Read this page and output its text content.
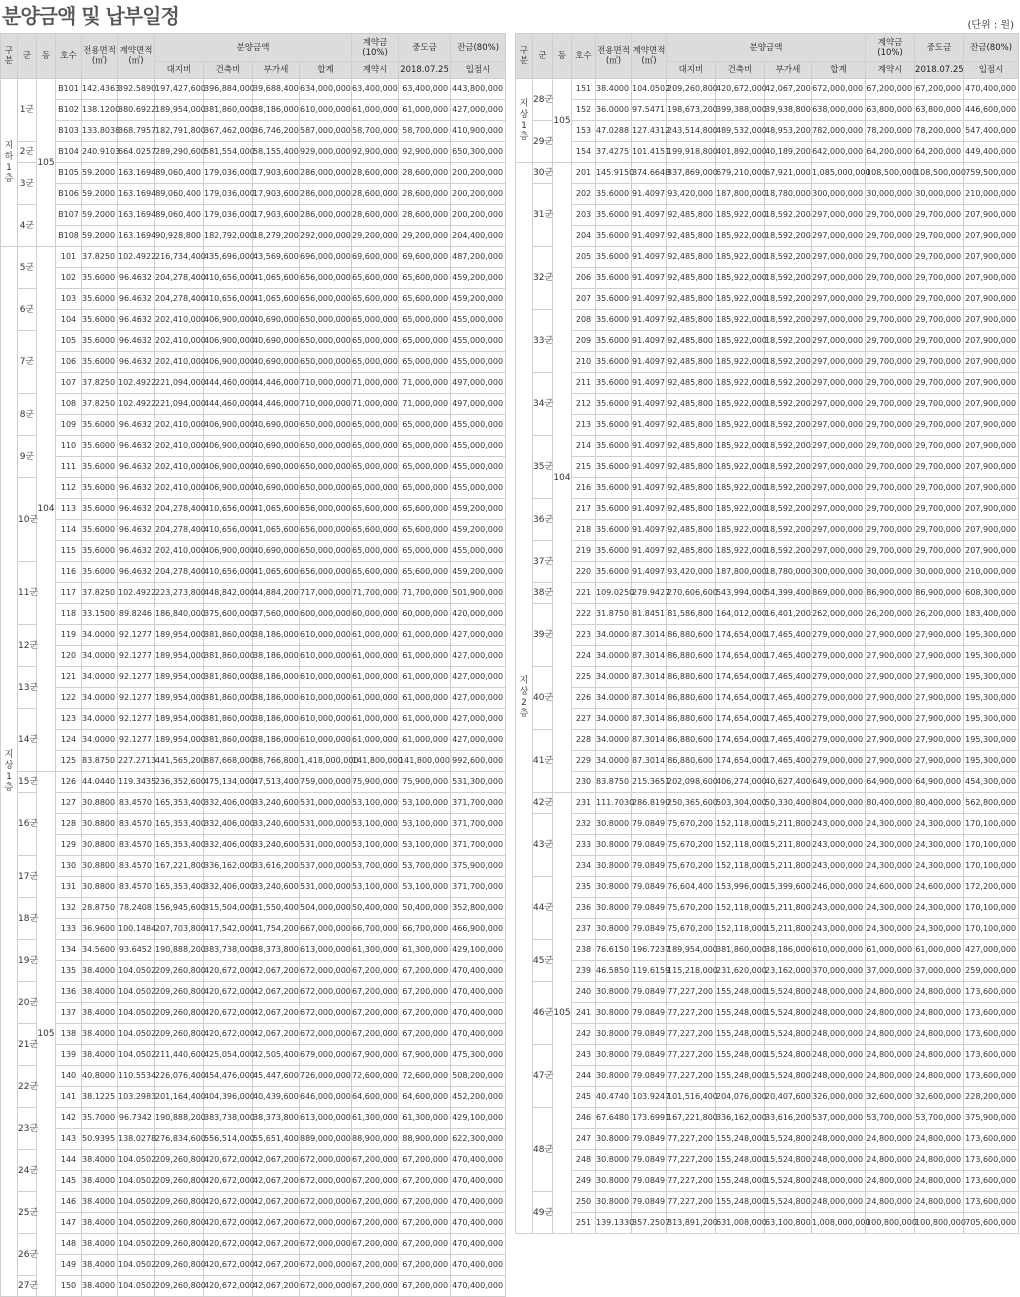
분양금액 및 납부일정	(단위 : 원)
구분	군	동	호수	전용면적
(㎡)	계약면적
(㎡)	분양금액				계약금
(10%)	중도금	잔금(80%)
						대지비	건축비	부가세	합계	계약시	2018.07.25	입점시
지하1층	1군	105	B101	142.4363	392.5890	197,427,600	396,884,000	39,688,400	634,000,000	63,400,000	63,400,000	443,800,000
			B102	138.1200	380.6922	189,954,000	381,860,000	38,186,000	610,000,000	61,000,000	61,000,000	427,000,000
			B103	133.8038	368.7957	182,791,800	367,462,000	36,746,200	587,000,000	58,700,000	58,700,000	410,900,000
	2군		B104	240.9103	664.0257	289,290,600	581,554,000	58,155,400	929,000,000	92,900,000	92,900,000	650,300,000
	3군		B105	59.2000	163.1694	89,060,400	179,036,000	17,903,600	286,000,000	28,600,000	28,600,000	200,200,000
			B106	59.2000	163.1694	89,060,400	179,036,000	17,903,600	286,000,000	28,600,000	28,600,000	200,200,000
	4군		B107	59.2000	163.1694	89,060,400	179,036,000	17,903,600	286,000,000	28,600,000	28,600,000	200,200,000
			B108	59.2000	163.1694	90,928,800	182,792,000	18,279,200	292,000,000	29,200,000	29,200,000	204,400,000
지상1층	5군	104	101	37.8250	102.4922	216,734,400	435,696,000	43,569,600	696,000,000	69,600,000	69,600,000	487,200,000
			102	35.6000	96.4632	204,278,400	410,656,000	41,065,600	656,000,000	65,600,000	65,600,000	459,200,000
	6군		103	35.6000	96.4632	204,278,400	410,656,000	41,065,600	656,000,000	65,600,000	65,600,000	459,200,000
			104	35.6000	96.4632	202,410,000	406,900,000	40,690,000	650,000,000	65,000,000	65,000,000	455,000,000
	7군		105	35.6000	96.4632	202,410,000	406,900,000	40,690,000	650,000,000	65,000,000	65,000,000	455,000,000
			106	35.6000	96.4632	202,410,000	406,900,000	40,690,000	650,000,000	65,000,000	65,000,000	455,000,000
			107	37.8250	102.4922	221,094,000	444,460,000	44,446,000	710,000,000	71,000,000	71,000,000	497,000,000
	8군		108	37.8250	102.4922	221,094,000	444,460,000	44,446,000	710,000,000	71,000,000	71,000,000	497,000,000
			109	35.6000	96.4632	202,410,000	406,900,000	40,690,000	650,000,000	65,000,000	65,000,000	455,000,000
	9군		110	35.6000	96.4632	202,410,000	406,900,000	40,690,000	650,000,000	65,000,000	65,000,000	455,000,000
			111	35.6000	96.4632	202,410,000	406,900,000	40,690,000	650,000,000	65,000,000	65,000,000	455,000,000
	10군		112	35.6000	96.4632	202,410,000	406,900,000	40,690,000	650,000,000	65,000,000	65,000,000	455,000,000
			113	35.6000	96.4632	204,278,400	410,656,000	41,065,600	656,000,000	65,600,000	65,600,000	459,200,000
			114	35.6000	96.4632	204,278,400	410,656,000	41,065,600	656,000,000	65,600,000	65,600,000	459,200,000
			115	35.6000	96.4632	202,410,000	406,900,000	40,690,000	650,000,000	65,000,000	65,000,000	455,000,000
	11군		116	35.6000	96.4632	204,278,400	410,656,000	41,065,600	656,000,000	65,600,000	65,600,000	459,200,000
			117	37.8250	102.4922	223,273,800	448,842,000	44,884,200	717,000,000	71,700,000	71,700,000	501,900,000
			118	33.1500	89.8246	186,840,000	375,600,000	37,560,000	600,000,000	60,000,000	60,000,000	420,000,000
	12군		119	34.0000	92.1277	189,954,000	381,860,000	38,186,000	610,000,000	61,000,000	61,000,000	427,000,000
			120	34.0000	92.1277	189,954,000	381,860,000	38,186,000	610,000,000	61,000,000	61,000,000	427,000,000
	13군		121	34.0000	92.1277	189,954,000	381,860,000	38,186,000	610,000,000	61,000,000	61,000,000	427,000,000
			122	34.0000	92.1277	189,954,000	381,860,000	38,186,000	610,000,000	61,000,000	61,000,000	427,000,000
	14군		123	34.0000	92.1277	189,954,000	381,860,000	38,186,000	610,000,000	61,000,000	61,000,000	427,000,000
			124	34.0000	92.1277	189,954,000	381,860,000	38,186,000	610,000,000	61,000,000	61,000,000	427,000,000
			125	83.8750	227.2713	441,565,200	887,668,000	88,766,800	1,418,000,000	141,800,000	141,800,000	992,600,000
	15군	105	126	44.0440	119.3435	236,352,600	475,134,000	47,513,400	759,000,000	75,900,000	75,900,000	531,300,000
	16군		127	30.8800	83.4570	165,353,400	332,406,000	33,240,600	531,000,000	53,100,000	53,100,000	371,700,000
			128	30.8800	83.4570	165,353,400	332,406,000	33,240,600	531,000,000	53,100,000	53,100,000	371,700,000
			129	30.8800	83.4570	165,353,400	332,406,000	33,240,600	531,000,000	53,100,000	53,100,000	371,700,000
	17군		130	30.8800	83.4570	167,221,800	336,162,000	33,616,200	537,000,000	53,700,000	53,700,000	375,900,000
			131	30.8800	83.4570	165,353,400	332,406,000	33,240,600	531,000,000	53,100,000	53,100,000	371,700,000
	18군		132	28.8750	78.2408	156,945,600	315,504,000	31,550,400	504,000,000	50,400,000	50,400,000	352,800,000
			133	36.9600	100.1484	207,703,800	417,542,000	41,754,200	667,000,000	66,700,000	66,700,000	466,900,000
	19군		134	34.5600	93.6452	190,888,200	383,738,000	38,373,800	613,000,000	61,300,000	61,300,000	429,100,000
			135	38.4000	104.0502	209,260,800	420,672,000	42,067,200	672,000,000	67,200,000	67,200,000	470,400,000
	20군		136	38.4000	104.0502	209,260,800	420,672,000	42,067,200	672,000,000	67,200,000	67,200,000	470,400,000
			137	38.4000	104.0502	209,260,800	420,672,000	42,067,200	672,000,000	67,200,000	67,200,000	470,400,000
	21군		138	38.4000	104.0502	209,260,800	420,672,000	42,067,200	672,000,000	67,200,000	67,200,000	470,400,000
			139	38.4000	104.0502	211,440,600	425,054,000	42,505,400	679,000,000	67,900,000	67,900,000	475,300,000
	22군		140	40.8000	110.5534	226,076,400	454,476,000	45,447,600	726,000,000	72,600,000	72,600,000	508,200,000
			141	38.1225	103.2983	201,164,400	404,396,000	40,439,600	646,000,000	64,600,000	64,600,000	452,200,000
	23군		142	35.7000	96.7342	190,888,200	383,738,000	38,373,800	613,000,000	61,300,000	61,300,000	429,100,000
			143	50.9395	138.0278	276,834,600	556,514,000	55,651,400	889,000,000	88,900,000	88,900,000	622,300,000
	24군		144	38.4000	104.0502	209,260,800	420,672,000	42,067,200	672,000,000	67,200,000	67,200,000	470,400,000
			145	38.4000	104.0502	209,260,800	420,672,000	42,067,200	672,000,000	67,200,000	67,200,000	470,400,000
	25군		146	38.4000	104.0502	209,260,800	420,672,000	42,067,200	672,000,000	67,200,000	67,200,000	470,400,000
			147	38.4000	104.0502	209,260,800	420,672,000	42,067,200	672,000,000	67,200,000	67,200,000	470,400,000
	26군		148	38.4000	104.0502	209,260,800	420,672,000	42,067,200	672,000,000	67,200,000	67,200,000	470,400,000
			149	38.4000	104.0502	209,260,800	420,672,000	42,067,200	672,000,000	67,200,000	67,200,000	470,400,000
	27군		150	38.4000	104.0502	209,260,800	420,672,000	42,067,200	672,000,000	67,200,000	67,200,000	470,400,000
구분	군	동	호수	전용면적
(㎡)	계약면적
(㎡)	분양금액				계약금
(10%)	중도금	잔금(80%)
						대지비	건축비	부가세	합계	계약시	2018.07.25	입점시
지상1층	28군	105	151	38.4000	104.0502	209,260,800	420,672,000	42,067,200	672,000,000	67,200,000	67,200,000	470,400,000
			152	36.0000	97.5471	198,673,200	399,388,000	39,938,800	638,000,000	63,800,000	63,800,000	446,600,000
	29군		153	47.0288	127.4312	243,514,800	489,532,000	48,953,200	782,000,000	78,200,000	78,200,000	547,400,000
			154	37.4275	101.4151	199,918,800	401,892,000	40,189,200	642,000,000	64,200,000	64,200,000	449,400,000
지상2층	30군	104	201	145.9150	374.6648	337,869,000	679,210,000	67,921,000	1,085,000,000	108,500,000	108,500,000	759,500,000
	31군		202	35.6000	91.4097	93,420,000	187,800,000	18,780,000	300,000,000	30,000,000	30,000,000	210,000,000
			203	35.6000	91.4097	92,485,800	185,922,000	18,592,200	297,000,000	29,700,000	29,700,000	207,900,000
			204	35.6000	91.4097	92,485,800	185,922,000	18,592,200	297,000,000	29,700,000	29,700,000	207,900,000
	32군		205	35.6000	91.4097	92,485,800	185,922,000	18,592,200	297,000,000	29,700,000	29,700,000	207,900,000
			206	35.6000	91.4097	92,485,800	185,922,000	18,592,200	297,000,000	29,700,000	29,700,000	207,900,000
			207	35.6000	91.4097	92,485,800	185,922,000	18,592,200	297,000,000	29,700,000	29,700,000	207,900,000
	33군		208	35.6000	91.4097	92,485,800	185,922,000	18,592,200	297,000,000	29,700,000	29,700,000	207,900,000
			209	35.6000	91.4097	92,485,800	185,922,000	18,592,200	297,000,000	29,700,000	29,700,000	207,900,000
			210	35.6000	91.4097	92,485,800	185,922,000	18,592,200	297,000,000	29,700,000	29,700,000	207,900,000
	34군		211	35.6000	91.4097	92,485,800	185,922,000	18,592,200	297,000,000	29,700,000	29,700,000	207,900,000
			212	35.6000	91.4097	92,485,800	185,922,000	18,592,200	297,000,000	29,700,000	29,700,000	207,900,000
			213	35.6000	91.4097	92,485,800	185,922,000	18,592,200	297,000,000	29,700,000	29,700,000	207,900,000
	35군		214	35.6000	91.4097	92,485,800	185,922,000	18,592,200	297,000,000	29,700,000	29,700,000	207,900,000
			215	35.6000	91.4097	92,485,800	185,922,000	18,592,200	297,000,000	29,700,000	29,700,000	207,900,000
			216	35.6000	91.4097	92,485,800	185,922,000	18,592,200	297,000,000	29,700,000	29,700,000	207,900,000
	36군		217	35.6000	91.4097	92,485,800	185,922,000	18,592,200	297,000,000	29,700,000	29,700,000	207,900,000
			218	35.6000	91.4097	92,485,800	185,922,000	18,592,200	297,000,000	29,700,000	29,700,000	207,900,000
	37군		219	35.6000	91.4097	92,485,800	185,922,000	18,592,200	297,000,000	29,700,000	29,700,000	207,900,000
			220	35.6000	91.4097	93,420,000	187,800,000	18,780,000	300,000,000	30,000,000	30,000,000	210,000,000
	38군		221	109.0250	279.9427	270,606,600	543,994,000	54,399,400	869,000,000	86,900,000	86,900,000	608,300,000
	39군		222	31.8750	81.8451	81,586,800	164,012,000	16,401,200	262,000,000	26,200,000	26,200,000	183,400,000
			223	34.0000	87.3014	86,880,600	174,654,000	17,465,400	279,000,000	27,900,000	27,900,000	195,300,000
			224	34.0000	87.3014	86,880,600	174,654,000	17,465,400	279,000,000	27,900,000	27,900,000	195,300,000
	40군		225	34.0000	87.3014	86,880,600	174,654,000	17,465,400	279,000,000	27,900,000	27,900,000	195,300,000
			226	34.0000	87.3014	86,880,600	174,654,000	17,465,400	279,000,000	27,900,000	27,900,000	195,300,000
			227	34.0000	87.3014	86,880,600	174,654,000	17,465,400	279,000,000	27,900,000	27,900,000	195,300,000
	41군		228	34.0000	87.3014	86,880,600	174,654,000	17,465,400	279,000,000	27,900,000	27,900,000	195,300,000
			229	34.0000	87.3014	86,880,600	174,654,000	17,465,400	279,000,000	27,900,000	27,900,000	195,300,000
			230	83.8750	215.3651	202,098,600	406,274,000	40,627,400	649,000,000	64,900,000	64,900,000	454,300,000
	42군	105	231	111.7030	286.8190	250,365,600	503,304,000	50,330,400	804,000,000	80,400,000	80,400,000	562,800,000
	43군		232	30.8000	79.0849	75,670,200	152,118,000	15,211,800	243,000,000	24,300,000	24,300,000	170,100,000
			233	30.8000	79.0849	75,670,200	152,118,000	15,211,800	243,000,000	24,300,000	24,300,000	170,100,000
			234	30.8000	79.0849	75,670,200	152,118,000	15,211,800	243,000,000	24,300,000	24,300,000	170,100,000
	44군		235	30.8000	79.0849	76,604,400	153,996,000	15,399,600	246,000,000	24,600,000	24,600,000	172,200,000
			236	30.8000	79.0849	75,670,200	152,118,000	15,211,800	243,000,000	24,300,000	24,300,000	170,100,000
			237	30.8000	79.0849	75,670,200	152,118,000	15,211,800	243,000,000	24,300,000	24,300,000	170,100,000
	45군		238	76.6150	196.7237	189,954,000	381,860,000	38,186,000	610,000,000	61,000,000	61,000,000	427,000,000
			239	46.5850	119.6159	115,218,000	231,620,000	23,162,000	370,000,000	37,000,000	37,000,000	259,000,000
	46군		240	30.8000	79.0849	77,227,200	155,248,000	15,524,800	248,000,000	24,800,000	24,800,000	173,600,000
			241	30.8000	79.0849	77,227,200	155,248,000	15,524,800	248,000,000	24,800,000	24,800,000	173,600,000
			242	30.8000	79.0849	77,227,200	155,248,000	15,524,800	248,000,000	24,800,000	24,800,000	173,600,000
	47군		243	30.8000	79.0849	77,227,200	155,248,000	15,524,800	248,000,000	24,800,000	24,800,000	173,600,000
			244	30.8000	79.0849	77,227,200	155,248,000	15,524,800	248,000,000	24,800,000	24,800,000	173,600,000
			245	40.4740	103.9247	101,516,400	204,076,000	20,407,600	326,000,000	32,600,000	32,600,000	228,200,000
	48군		246	67.6480	173.6991	167,221,800	336,162,000	33,616,200	537,000,000	53,700,000	53,700,000	375,900,000
			247	30.8000	79.0849	77,227,200	155,248,000	15,524,800	248,000,000	24,800,000	24,800,000	173,600,000
			248	30.8000	79.0849	77,227,200	155,248,000	15,524,800	248,000,000	24,800,000	24,800,000	173,600,000
			249	30.8000	79.0849	77,227,200	155,248,000	15,524,800	248,000,000	24,800,000	24,800,000	173,600,000
	49군		250	30.8000	79.0849	77,227,200	155,248,000	15,524,800	248,000,000	24,800,000	24,800,000	173,600,000
			251	139.1330	357.2507	313,891,200	631,008,000	63,100,800	1,008,000,000	100,800,000	100,800,000	705,600,000
